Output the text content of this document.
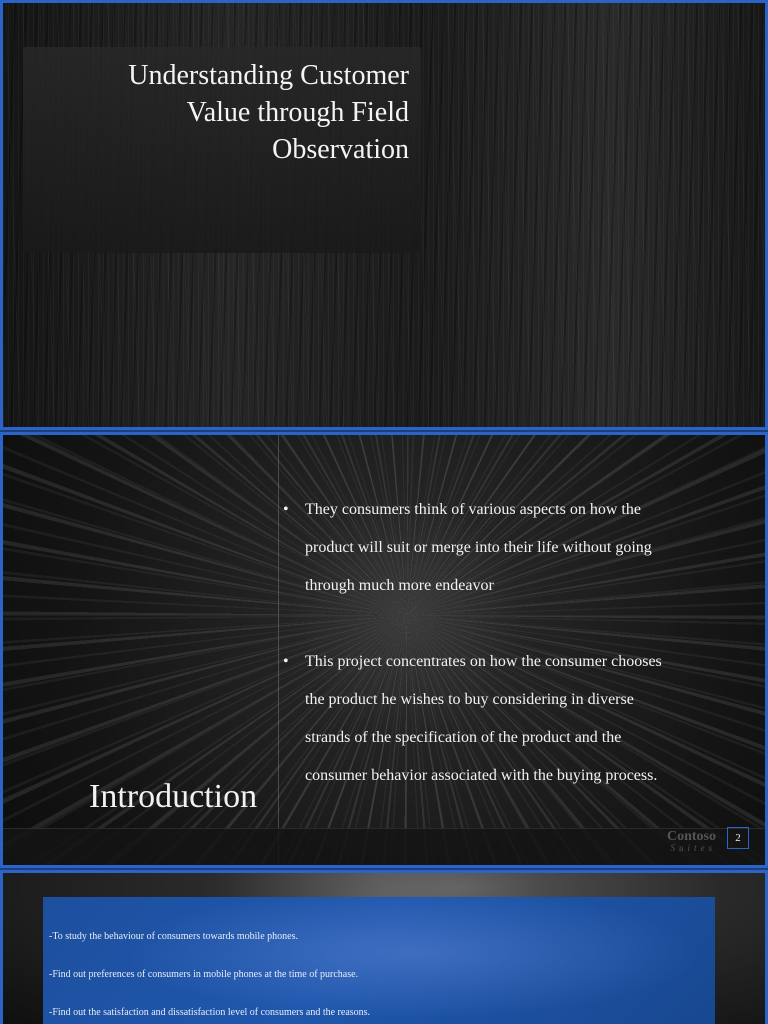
Understanding Customer
Value through Field
Observation
• They consumers think of various aspects on how the
product will suit or merge into their life without going
through much more endeavor
• This project concentrates on how the consumer chooses
the product he wishes to buy considering in diverse
strands of the specification of the product and the
consumer behavior associated with the buying process.
Introduction
Contoso
Suites
2
-To study the behaviour of consumers towards mobile phones.
-Find out preferences of consumers in mobile phones at the time of purchase.
-Find out the satisfaction and dissatisfaction level of consumers and the reasons.
